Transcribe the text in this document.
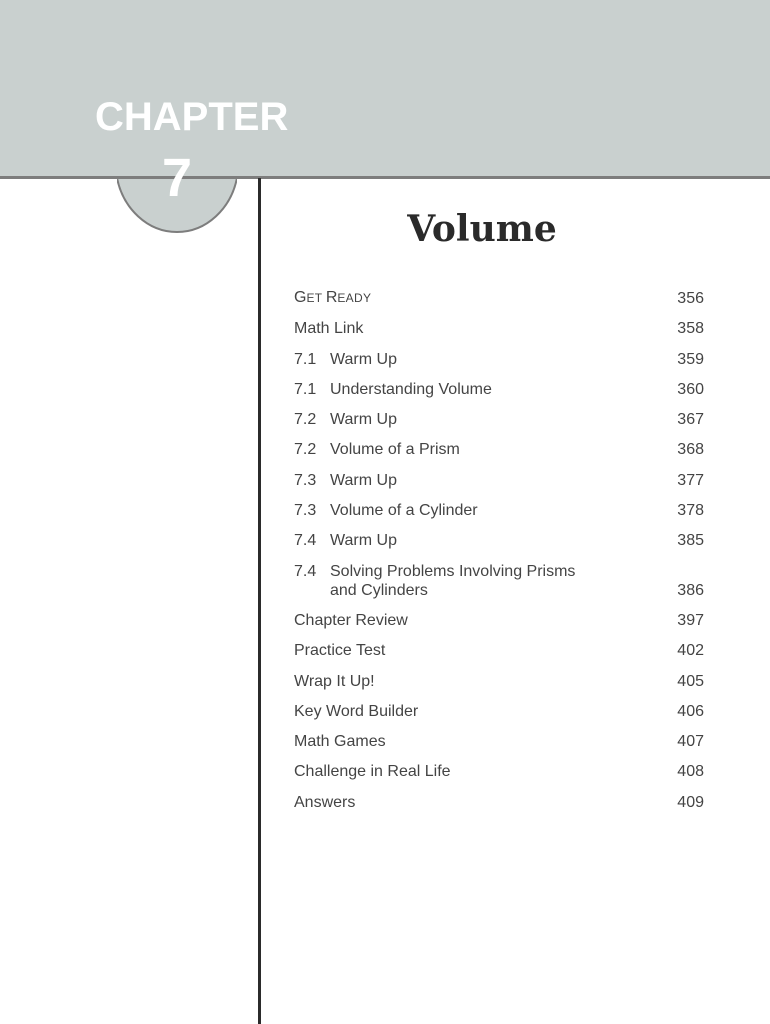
CHAPTER
7
Volume
GET READY	356
Math Link	358
7.1 Warm Up	359
7.1 Understanding Volume	360
7.2 Warm Up	367
7.2 Volume of a Prism	368
7.3 Warm Up	377
7.3 Volume of a Cylinder	378
7.4 Warm Up	385
7.4 Solving Problems Involving Prisms
and Cylinders	386
Chapter Review	397
Practice Test	402
Wrap It Up!	405
Key Word Builder	406
Math Games	407
Challenge in Real Life	408
Answers	409
